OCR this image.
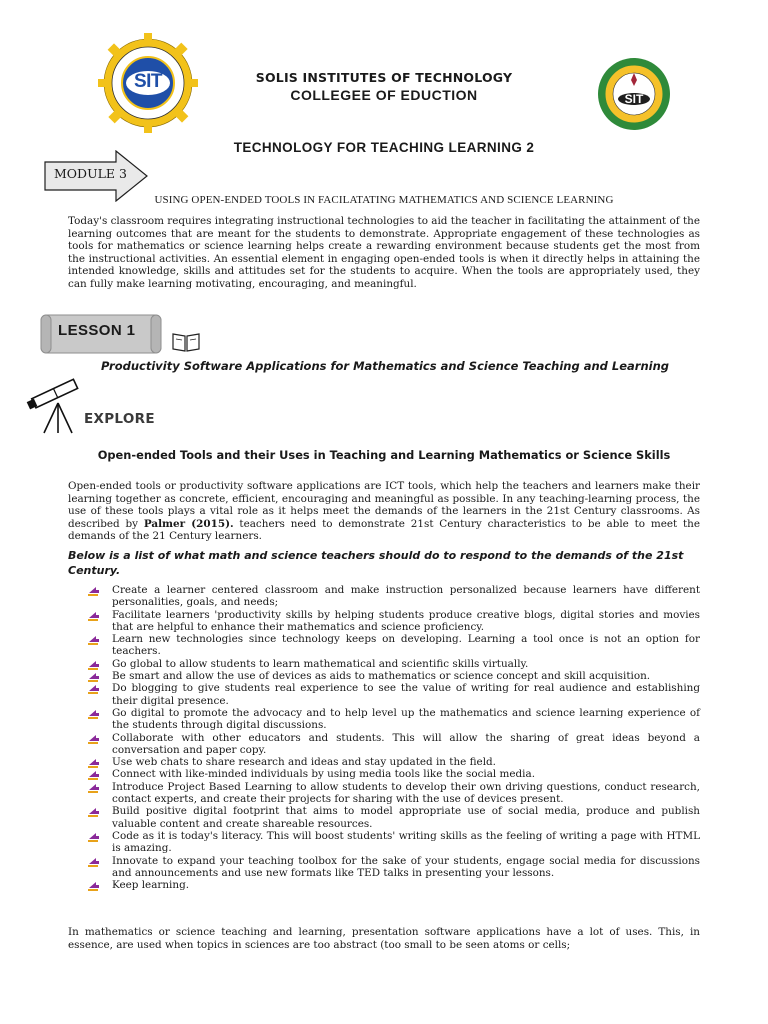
SIT
SIT
SOLIS INSTITUTES OF TECHNOLOGY
COLLEGEE OF EDUCTION
TECHNOLOGY FOR TEACHING LEARNING 2
MODULE 3
USING OPEN-ENDED TOOLS IN FACILATATING MATHEMATICS AND SCIENCE LEARNING
Today's classroom requires integrating instructional technologies to aid the teacher in facilitating the attainment of the learning outcomes that are meant for the students to demonstrate. Appropriate engagement of these technologies as tools for mathematics or science learning helps create a rewarding environment because students get the most from the instructional activities. An essential element in engaging open-ended tools is when it directly helps in attaining the intended knowledge, skills and attitudes set for the students to acquire. When the tools are appropriately used, they can fully make learning motivating, encouraging, and meaningful.
LESSON 1
Productivity Software Applications for Mathematics and Science Teaching and Learning
EXPLORE
Open-ended Tools and their Uses in Teaching and Learning Mathematics or Science Skills
Open-ended tools or productivity software applications are ICT tools, which help the teachers and learners make their learning together as concrete, efficient, encouraging and meaningful as possible. In any teaching-learning process, the use of these tools plays a vital role as it helps meet the demands of the learners in the 21st Century classrooms. As described by Palmer (2015). teachers need to demonstrate 21st Century characteristics to be able to meet the demands of the 21 Century learners.
Below is a list of what math and science teachers should do to respond to the demands of the 21st Century.
Create a learner centered classroom and make instruction personalized because learners have different personalities, goals, and needs;
Facilitate learners 'productivity skills by helping students produce creative blogs, digital stories and movies that are helpful to enhance their mathematics and science proficiency.
Learn new technologies since technology keeps on developing. Learning a tool once is not an option for teachers.
Go global to allow students to learn mathematical and scientific skills virtually.
Be smart and allow the use of devices as aids to mathematics or science concept and skill acquisition.
Do blogging to give students real experience to see the value of writing for real audience and establishing their digital presence.
Go digital to promote the advocacy and to help level up the mathematics and science learning experience of the students through digital discussions.
Collaborate with other educators and students. This will allow the sharing of great ideas beyond a conversation and paper copy.
Use web chats to share research and ideas and stay updated in the field.
Connect with like-minded individuals by using media tools like the social media.
Introduce Project Based Learning to allow students to develop their own driving questions, conduct research, contact experts, and create their projects for sharing with the use of devices present.
Build positive digital footprint that aims to model appropriate use of social media, produce and publish valuable content and create shareable resources.
Code as it is today's literacy. This will boost students' writing skills as the feeling of writing a page with HTML is amazing.
Innovate to expand your teaching toolbox for the sake of your students, engage social media for discussions and announcements and use new formats like TED talks in presenting your lessons.
Keep learning.
In mathematics or science teaching and learning, presentation software applications have a lot of uses. This, in essence, are used when topics in sciences are too abstract (too small to be seen atoms or cells;
